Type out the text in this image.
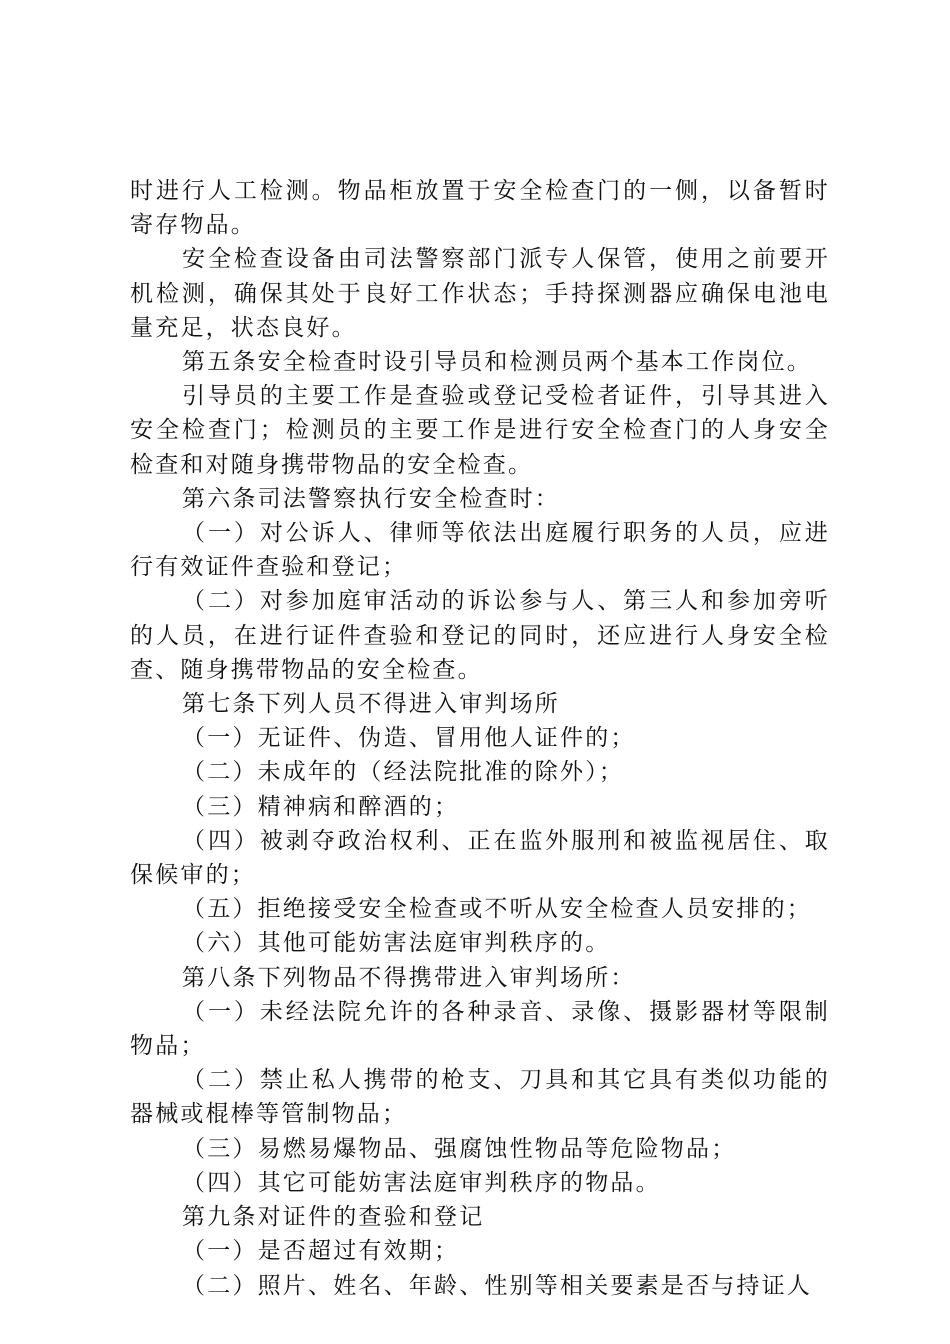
时进行人工检测。物品柜放置于安全检查门的一侧，以备暂时寄存物品。

安全检查设备由司法警察部门派专人保管，使用之前要开机检测，确保其处于良好工作状态；手持探测器应确保电池电量充足，状态良好。

第五条安全检查时设引导员和检测员两个基本工作岗位。

引导员的主要工作是查验或登记受检者证件，引导其进入安全检查门；检测员的主要工作是进行安全检查门的人身安全检查和对随身携带物品的安全检查。

第六条司法警察执行安全检查时：

（一）对公诉人、律师等依法出庭履行职务的人员，应进行有效证件查验和登记；

（二）对参加庭审活动的诉讼参与人、第三人和参加旁听的人员，在进行证件查验和登记的同时，还应进行人身安全检查、随身携带物品的安全检查。

第七条下列人员不得进入审判场所

（一）无证件、伪造、冒用他人证件的；

（二）未成年的（经法院批准的除外）；

（三）精神病和醉酒的；

（四）被剥夺政治权利、正在监外服刑和被监视居住、取保候审的；

（五）拒绝接受安全检查或不听从安全检查人员安排的；

（六）其他可能妨害法庭审判秩序的。

第八条下列物品不得携带进入审判场所：

（一）未经法院允许的各种录音、录像、摄影器材等限制物品；

（二）禁止私人携带的枪支、刀具和其它具有类似功能的器械或棍棒等管制物品；

（三）易燃易爆物品、强腐蚀性物品等危险物品；

（四）其它可能妨害法庭审判秩序的物品。

第九条对证件的查验和登记

（一）是否超过有效期；

（二）照片、姓名、年龄、性别等相关要素是否与持证人
